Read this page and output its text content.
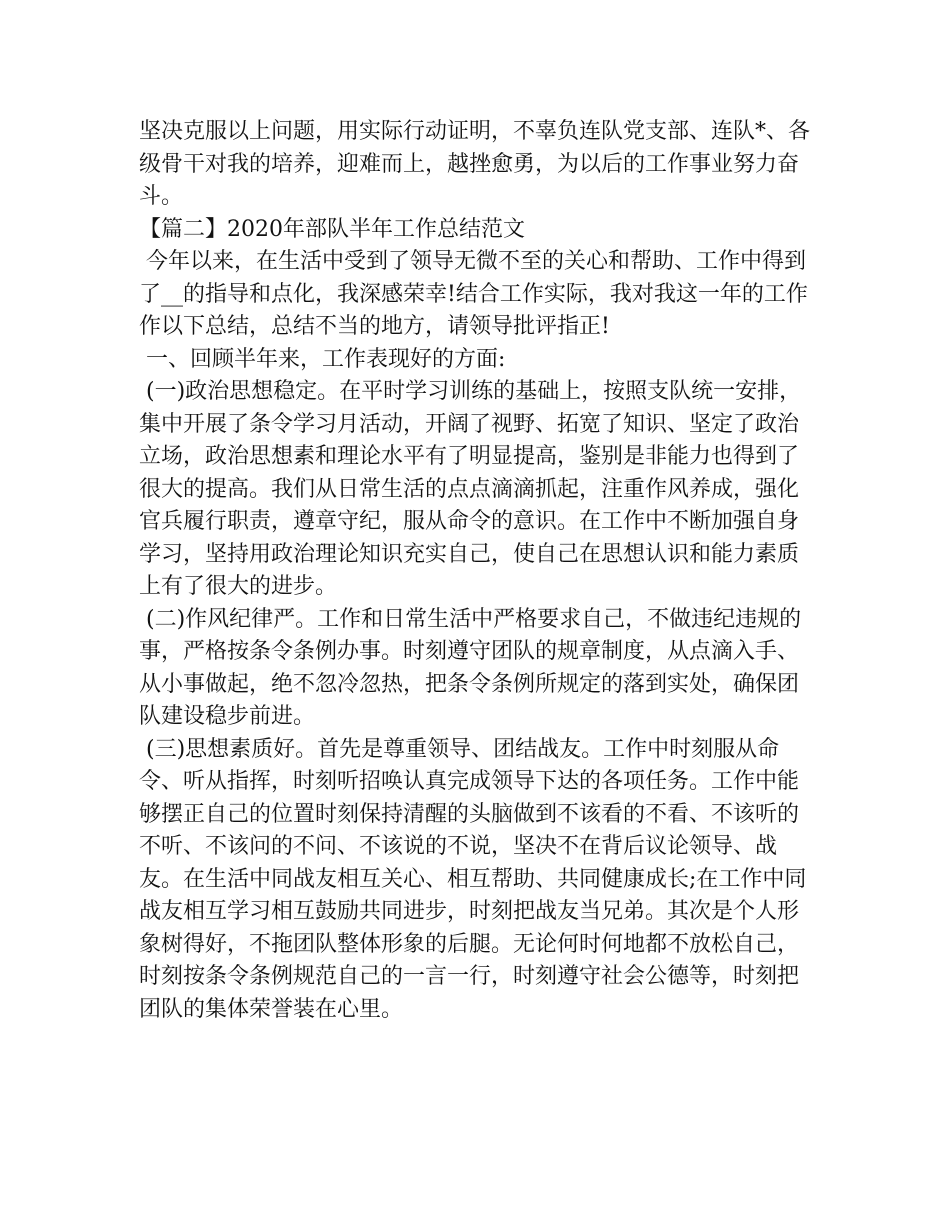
坚决克服以上问题，用实际行动证明，不辜负连队党支部、连队*、各级骨干对我的培养，迎难而上，越挫愈勇，为以后的工作事业努力奋斗。

【篇二】2020年部队半年工作总结范文

今年以来，在生活中受到了领导无微不至的关心和帮助、工作中得到了__的指导和点化，我深感荣幸!结合工作实际，我对我这一年的工作作以下总结，总结不当的地方，请领导批评指正!

一、回顾半年来，工作表现好的方面:

(一)政治思想稳定。在平时学习训练的基础上，按照支队统一安排，集中开展了条令学习月活动，开阔了视野、拓宽了知识、坚定了政治立场，政治思想素和理论水平有了明显提高，鉴别是非能力也得到了很大的提高。我们从日常生活的点点滴滴抓起，注重作风养成，强化官兵履行职责，遵章守纪，服从命令的意识。在工作中不断加强自身学习，坚持用政治理论知识充实自己，使自己在思想认识和能力素质上有了很大的进步。

(二)作风纪律严。工作和日常生活中严格要求自己，不做违纪违规的事，严格按条令条例办事。时刻遵守团队的规章制度，从点滴入手、从小事做起，绝不忽冷忽热，把条令条例所规定的落到实处，确保团队建设稳步前进。

(三)思想素质好。首先是尊重领导、团结战友。工作中时刻服从命令、听从指挥，时刻听招唤认真完成领导下达的各项任务。工作中能够摆正自己的位置时刻保持清醒的头脑做到不该看的不看、不该听的不听、不该问的不问、不该说的不说，坚决不在背后议论领导、战友。在生活中同战友相互关心、相互帮助、共同健康成长;在工作中同战友相互学习相互鼓励共同进步，时刻把战友当兄弟。其次是个人形象树得好，不拖团队整体形象的后腿。无论何时何地都不放松自己，时刻按条令条例规范自己的一言一行，时刻遵守社会公德等，时刻把团队的集体荣誉装在心里。
